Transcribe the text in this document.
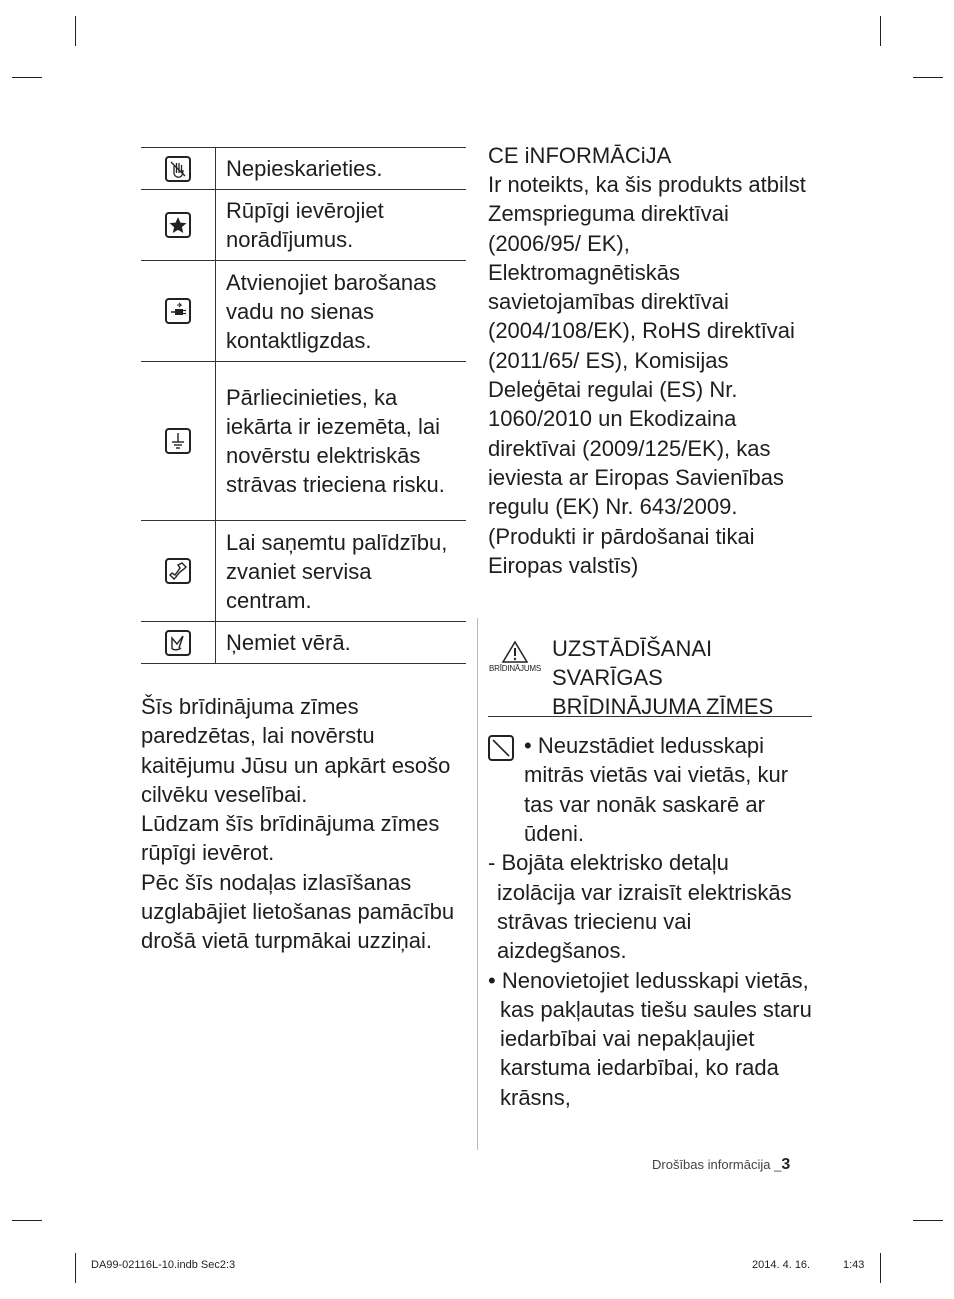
	Nepieskarieties.

	Rūpīgi ievērojiet norādījumus.

	Atvienojiet barošanas vadu no sienas kontaktligzdas.

	Pārliecinieties, ka iekārta ir iezemēta, lai novērstu elektriskās strāvas trieciena risku.

	Lai saņemtu palīdzību, zvaniet servisa centram.

	Ņemiet vērā.
Šīs brīdinājuma zīmes paredzētas, lai novērstu kaitējumu Jūsu un apkārt esošo cilvēku veselībai.
Lūdzam šīs brīdinājuma zīmes rūpīgi ievērot.
Pēc šīs nodaļas izlasīšanas uzglabājiet lietošanas pamācību drošā vietā turpmākai uzziņai.
CE iNFORMĀCiJA
Ir noteikts, ka šis produkts atbilst Zemsprieguma direktīvai (2006/95/ EK), Elektromagnētiskās savietojamības direktīvai (2004/108/EK), RoHS direktīvai (2011/65/ ES), Komisijas Deleģētai regulai (ES) Nr. 1060/2010 un Ekodizaina direktīvai (2009/125/EK), kas ieviesta ar Eiropas Savienības regulu (EK) Nr. 643/2009.
(Produkti ir pārdošanai tikai Eiropas valstīs)
BRĪDINĀJUMS
UZSTĀDĪŠANAI
SVARĪGAS
BRĪDINĀJUMA ZĪMES
• Neuzstādiet ledusskapi mitrās vietās vai vietās, kur tas var nonāk saskarē ar ūdeni.
- Bojāta elektrisko detaļu izolācija var izraisīt elektriskās strāvas triecienu vai aizdegšanos.
• Nenovietojiet ledusskapi vietās, kas pakļautas tiešu saules staru iedarbībai vai nepakļaujiet karstuma iedarbībai, ko rada krāsns,
Drošības informācija _3
DA99-02116L-10.indb Sec2:3	2014. 4. 16.	1:43
